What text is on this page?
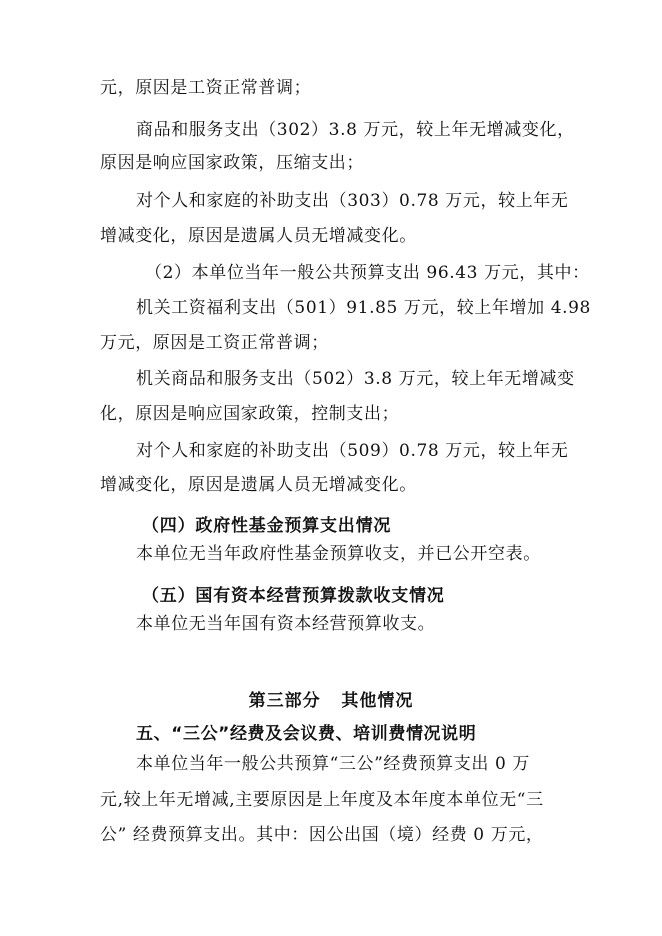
元，原因是工资正常普调；
商品和服务支出（302）3.8 万元，较上年无增减变化，
原因是响应国家政策，压缩支出；
对个人和家庭的补助支出（303）0.78 万元，较上年无
增减变化，原因是遗属人员无增减变化。
（2）本单位当年一般公共预算支出 96.43 万元，其中：
机关工资福利支出（501）91.85 万元，较上年增加 4.98
万元，原因是工资正常普调；
机关商品和服务支出（502）3.8 万元，较上年无增减变
化，原因是响应国家政策，控制支出；
对个人和家庭的补助支出（509）0.78 万元，较上年无
增减变化，原因是遗属人员无增减变化。
（四）政府性基金预算支出情况
本单位无当年政府性基金预算收支，并已公开空表。
（五）国有资本经营预算拨款收支情况
本单位无当年国有资本经营预算收支。
第三部分   其他情况
五、“三公”经费及会议费、培训费情况说明
本单位当年一般公共预算“三公”经费预算支出 0 万
元,较上年无增减,主要原因是上年度及本年度本单位无“三
公” 经费预算支出。其中：因公出国（境）经费 0 万元，
